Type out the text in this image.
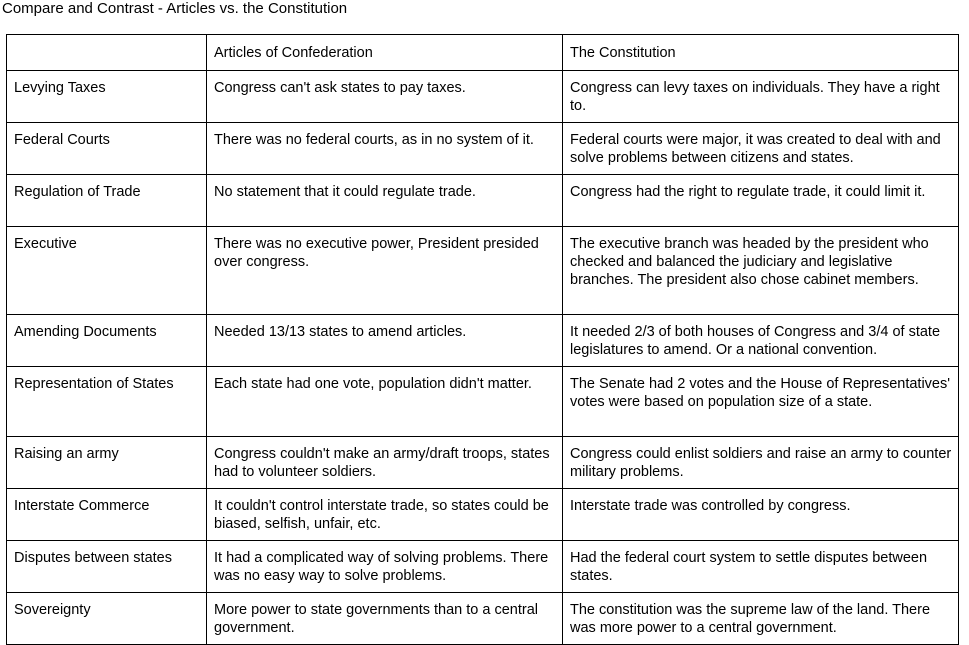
Compare and Contrast - Articles vs. the Constitution
	Articles of Confederation	The Constitution
Levying Taxes	Congress can't ask states to pay taxes.	Congress can levy taxes on individuals. They have a right to.
Federal Courts	There was no federal courts, as in no system of it.	Federal courts were major, it was created to deal with and solve problems between citizens and states.
Regulation of Trade	No statement that it could regulate trade.	Congress had the right to regulate trade, it could limit it.
Executive	There was no executive power, President presided over congress.	The executive branch was headed by the president who checked and balanced the judiciary and legislative branches. The president also chose cabinet members.
Amending Documents	Needed 13/13 states to amend articles.	It needed 2/3 of both houses of Congress and 3/4 of state legislatures to amend. Or a national convention.
Representation of States	Each state had one vote, population didn't matter.	The Senate had 2 votes and the House of Representatives' votes were based on population size of a state.
Raising an army	Congress couldn't make an army/draft troops, states had to volunteer soldiers.	Congress could enlist soldiers and raise an army to counter military problems.
Interstate Commerce	It couldn't control interstate trade, so states could be biased, selfish, unfair, etc.	Interstate trade was controlled by congress.
Disputes between states	It had a complicated way of solving problems. There was no easy way to solve problems.	Had the federal court system to settle disputes between states.
Sovereignty	More power to state governments than to a central government.	The constitution was the supreme law of the land. There was more power to a central government.
